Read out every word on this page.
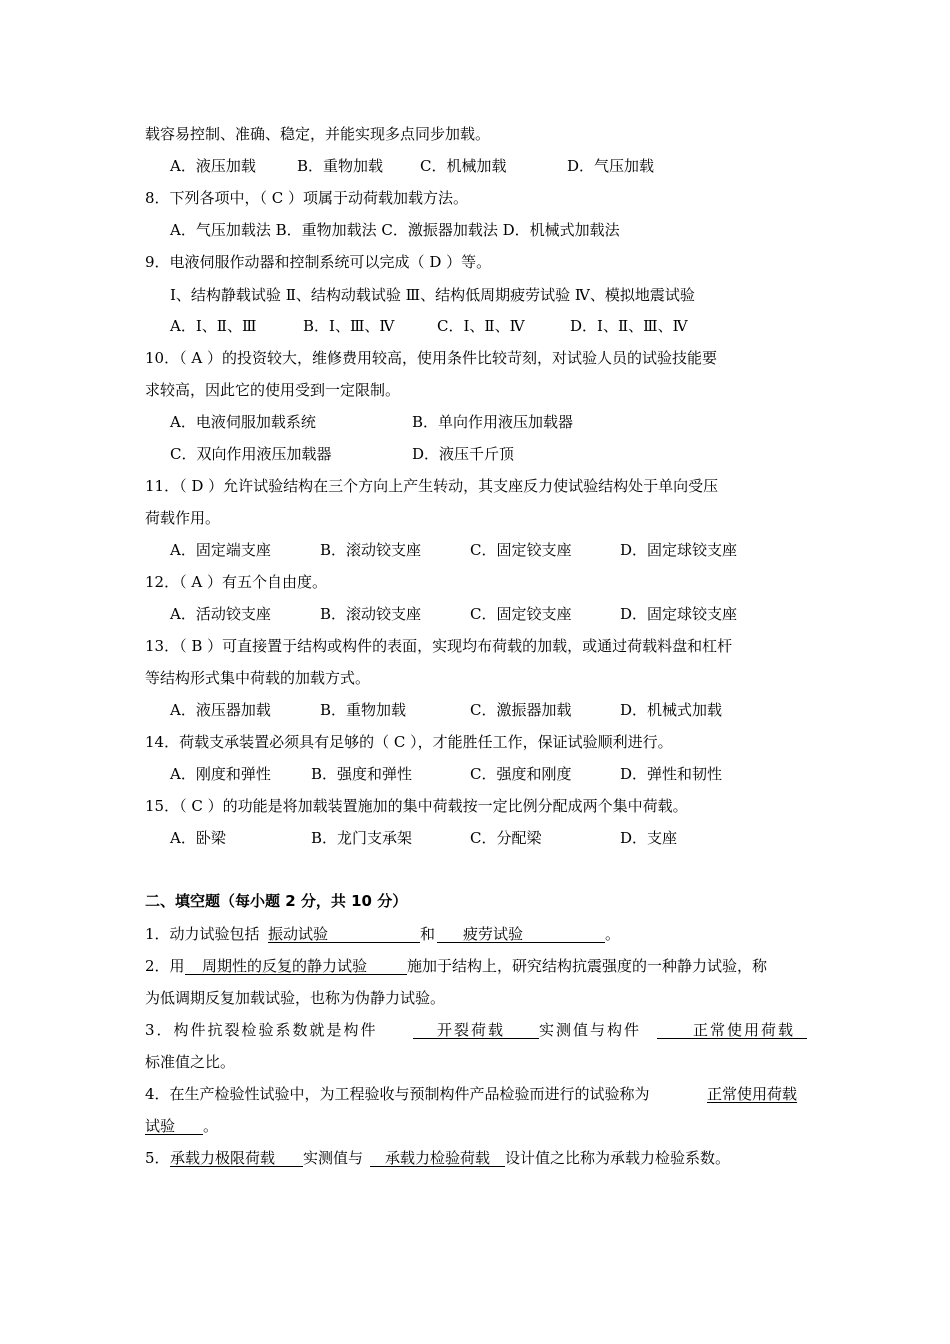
载容易控制、准确、稳定，并能实现多点同步加载。
A．液压加载	B．重物加载 C．机械加载	D．气压加载
8．下列各项中，（ C ）项属于动荷载加载方法。
A．气压加载法 B．重物加载法 C．激振器加载法 D．机械式加载法
9．电液伺服作动器和控制系统可以完成（ D ）等。
Ⅰ、结构静载试验 Ⅱ、结构动载试验 Ⅲ、结构低周期疲劳试验 Ⅳ、模拟地震试验
A．Ⅰ、Ⅱ、Ⅲ	B．Ⅰ、Ⅲ、Ⅳ	C．Ⅰ、Ⅱ、Ⅳ	D．Ⅰ、Ⅱ、Ⅲ、Ⅳ
10．（ A ）的投资较大，维修费用较高，使用条件比较苛刻，对试验人员的试验技能要
求较高，因此它的使用受到一定限制。
A．电液伺服加载系统	B．单向作用液压加载器
C．双向作用液压加载器	D．液压千斤顶
11．（ D ）允许试验结构在三个方向上产生转动，其支座反力使试验结构处于单向受压
荷载作用。
A．固定端支座	B．滚动铰支座	C．固定铰支座	D．固定球铰支座
12．（ A ）有五个自由度。
A．活动铰支座	B．滚动铰支座	C．固定铰支座	D．固定球铰支座
13．（ B ）可直接置于结构或构件的表面，实现均布荷载的加载，或通过荷载料盘和杠杆
等结构形式集中荷载的加载方式。
A．液压器加载	B．重物加载	C．激振器加载	D．机械式加载
14．荷载支承装置必须具有足够的（ C ），才能胜任工作，保证试验顺利进行。
A．刚度和弹性	B．强度和弹性	C．强度和刚度	D．弹性和韧性
15．（ C ）的功能是将加载装置施加的集中荷载按一定比例分配成两个集中荷载。
A．卧梁	B．龙门支承架	C．分配梁	D．支座
二、填空题（每小题 2 分，共 10 分）
1．动力试验包括 振动试验	和 疲劳试验	。
2．用 周期性的反复的静力试验	施加于结构上，研究结构抗震强度的一种静力试验，称
为低调期反复加载试验，也称为伪静力试验。
3．构件抗裂检验系数就是构件	开裂荷载 实测值与构件	正常使用荷载
标准值之比。
4．在生产检验性试验中，为工程验收与预制构件产品检验而进行的试验称为	正常使用荷载
试验 。
5． 承载力极限荷载 实测值与 承载力检验荷载 设计值之比称为承载力检验系数。
